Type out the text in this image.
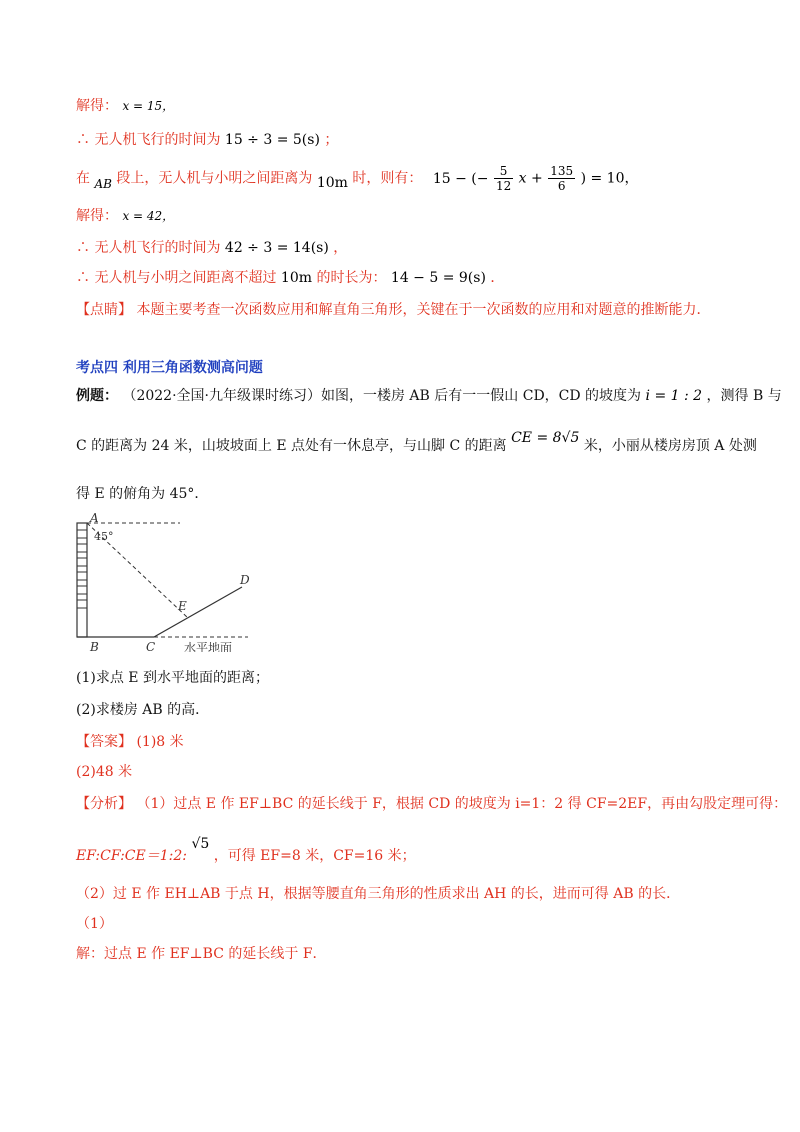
解得： x = 15，
∴ 无人机飞行的时间为 15 ÷ 3 = 5(s) ；
在 AB 段上，无人机与小明之间距离为 10m 时，则有： 15 − (− $\frac{5}{12}$ $x + \frac{135}{6}$ ) = 10，
解得： x = 42，
∴ 无人机飞行的时间为 42 ÷ 3 = 14(s) ，
∴ 无人机与小明之间距离不超过 10m 的时长为： 14 − 5 = 9(s) ．
【点睛】 本题主要考查一次函数应用和解直角三角形，关键在于一次函数的应用和对题意的推断能力．
考点四 利用三角函数测高问题
例题： （2022·全国·九年级课时练习）如图，一楼房 AB 后有一一假山 CD，CD 的坡度为 i = 1 : 2 ，测得 B 与
C 的距离为 24 米，山坡坡面上 E 点处有一休息亭，与山脚 C 的距离 CE = 8√5 米，小丽从楼房房顶 A 处测
得 E 的俯角为 45°．
A
45°
B	C
D
E
水平地面
(1)求点 E 到水平地面的距离；
(2)求楼房 AB 的高．
【答案】 (1)8 米
(2)48 米
【分析】 （1）过点 E 作 EF⊥BC 的延长线于 F，根据 CD 的坡度为 i=1：2 得 CF=2EF，再由勾股定理可得：
EF:CF:CE＝1:2: √5 ，可得 EF=8 米，CF=16 米；
（2）过 E 作 EH⊥AB 于点 H，根据等腰直角三角形的性质求出 AH 的长，进而可得 AB 的长．
（1）
解：过点 E 作 EF⊥BC 的延长线于 F．
